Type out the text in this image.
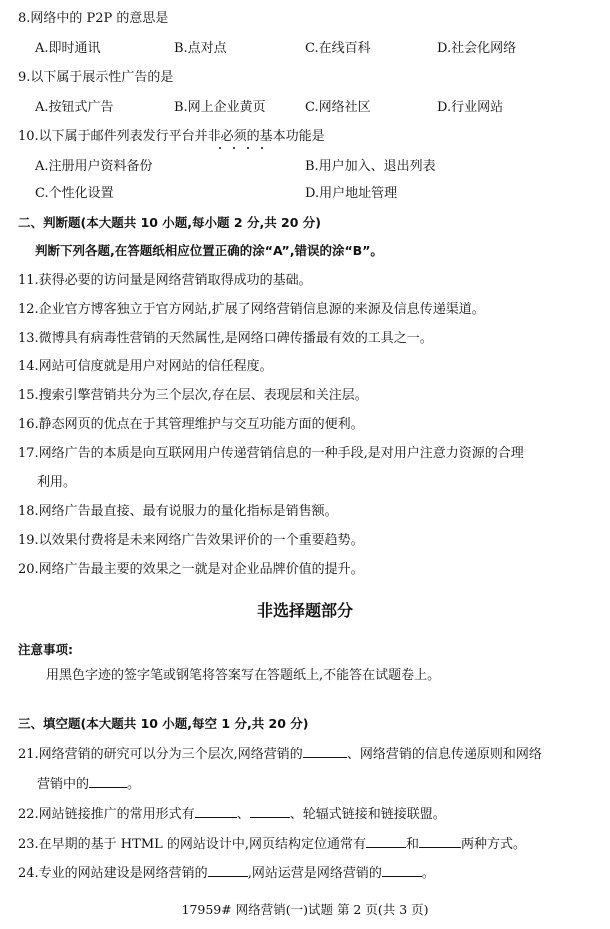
8.网络中的 P2P 的意思是
A.即时通讯	B.点对点	C.在线百科	D.社会化网络
9.以下属于展示性广告的是
A.按钮式广告	B.网上企业黄页	C.网络社区	D.行业网站
10.以下属于邮件列表发行平台并非必须的基本功能是
A.注册用户资料备份	B.用户加入、退出列表
C.个性化设置	D.用户地址管理
二、判断题(本大题共 10 小题,每小题 2 分,共 20 分)
判断下列各题,在答题纸相应位置正确的涂“A”,错误的涂“B”。
11.获得必要的访问量是网络营销取得成功的基础。
12.企业官方博客独立于官方网站,扩展了网络营销信息源的来源及信息传递渠道。
13.微博具有病毒性营销的天然属性,是网络口碑传播最有效的工具之一。
14.网站可信度就是用户对网站的信任程度。
15.搜索引擎营销共分为三个层次,存在层、表现层和关注层。
16.静态网页的优点在于其管理维护与交互功能方面的便利。
17.网络广告的本质是向互联网用户传递营销信息的一种手段,是对用户注意力资源的合理
利用。
18.网络广告最直接、最有说服力的量化指标是销售额。
19.以效果付费将是未来网络广告效果评价的一个重要趋势。
20.网络广告最主要的效果之一就是对企业品牌价值的提升。
非选择题部分
注意事项:
用黑色字迹的签字笔或钢笔将答案写在答题纸上,不能答在试题卷上。
三、填空题(本大题共 10 小题,每空 1 分,共 20 分)
21.网络营销的研究可以分为三个层次,网络营销的	、网络营销的信息传递原则和网络
营销中的	。
22.网站链接推广的常用形式有	、	、轮辐式链接和链接联盟。
23.在早期的基于 HTML 的网站设计中,网页结构定位通常有	和	两种方式。
24.专业的网站建设是网络营销的	,网站运营是网络营销的	。
17959# 网络营销(一)试题 第 2 页(共 3 页)
